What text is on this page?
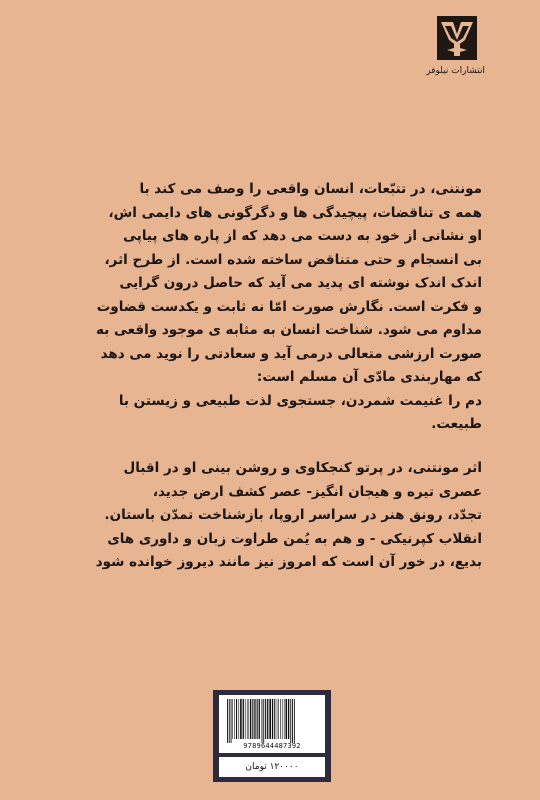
انتشارات نیلوفر
مونتنی، در تتبّعات، انسان واقعی را وصف می کند با
همه ی تناقضات، پیچیدگی ها و دگرگونی های دایمی اش،
او نشانی از خود به دست می دهد که از پاره های پیاپی
بی انسجام و حتی متناقض ساخته شده است. از طرح اثر،
اندک اندک نوشته ای پدید می آید که حاصل درون گرایی
و فکرت است. نگارش صورت امّا نه ثابت و یکدست قضاوت
مداوم می شود. شناخت انسان به مثابه ی موجود واقعی به
صورت ارزشی متعالی درمی آید و سعادتی را نوید می دهد
که مهاربندی مادّی آن مسلم است:
دم را غنیمت شمردن، جستجوی لذت طبیعی و زیستن با
طبیعت.
اثر مونتنی، در پرتو کنجکاوی و روشن بینی او در اقبال
عصری تیره و هیجان انگیز- عصر کشف ارض جدید،
تجدّد، رونق هنر در سراسر اروپا، بازشناخت تمدّن باستان.
انقلاب کپرنیکی - و هم به یُمن طراوت زبان و داوری های
بدیع، در خور آن است که امروز نیز مانند دیروز خوانده شود
9789644487392
۱۲۰۰۰۰ تومان
